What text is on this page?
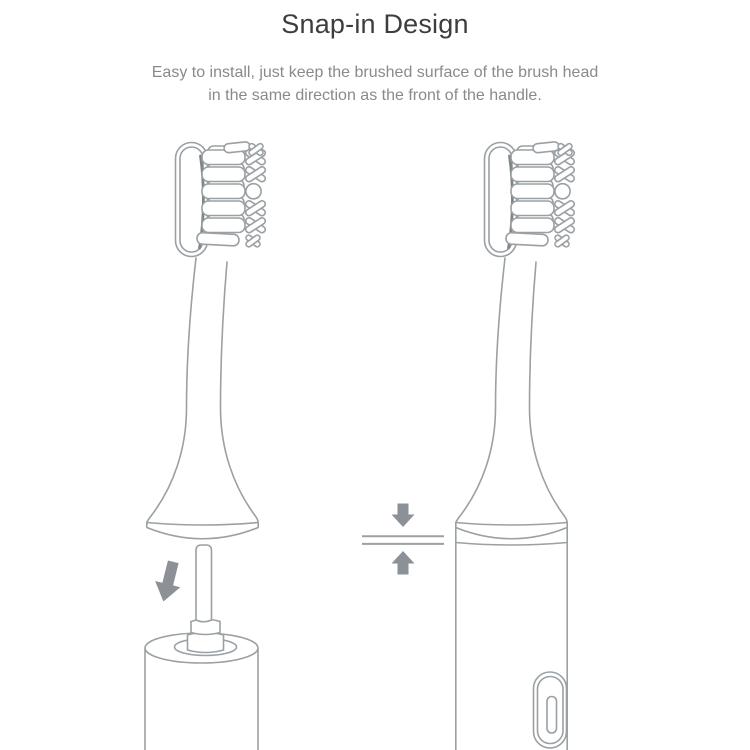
Snap-in Design

Easy to install, just keep the brushed surface of the brush head
in the same direction as the front of the handle.
